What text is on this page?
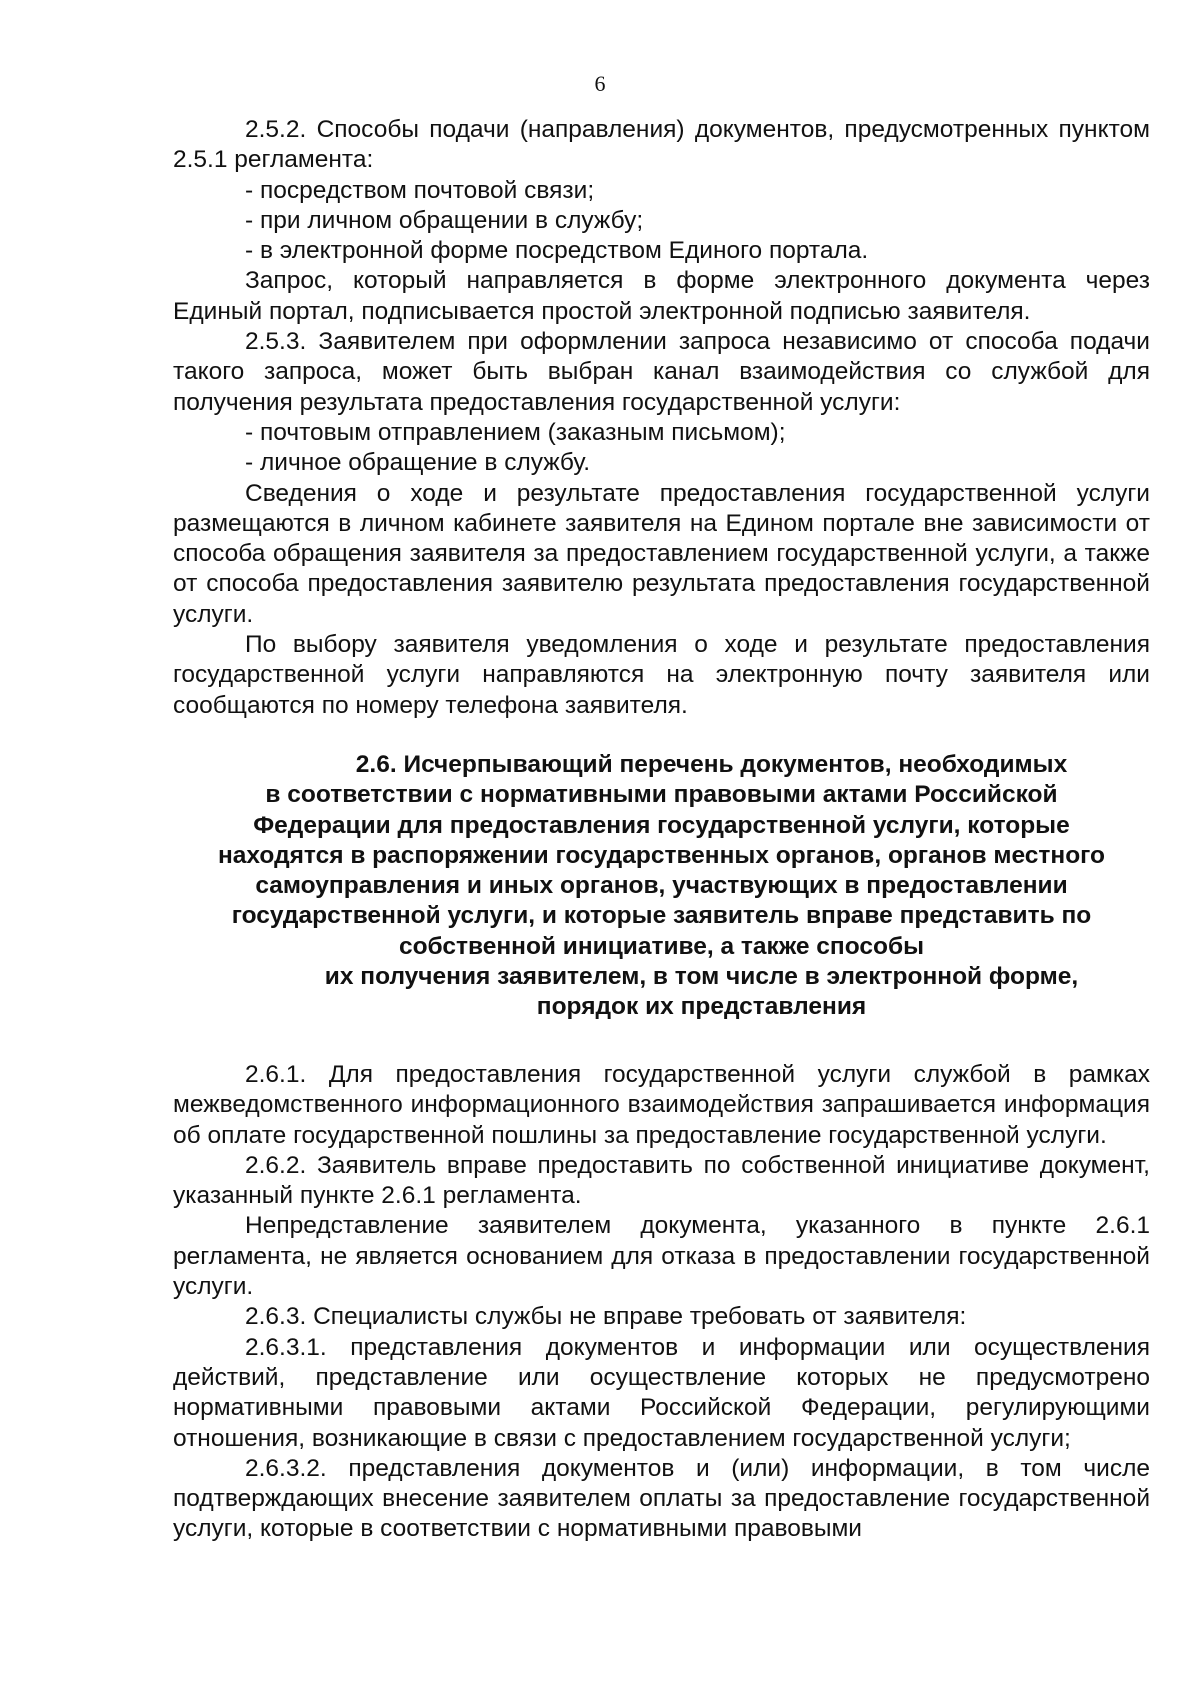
6

2.5.2. Способы подачи (направления) документов, предусмотренных пунктом 2.5.1 регламента:

- посредством почтовой связи;

- при личном обращении в службу;

- в электронной форме посредством Единого портала.

Запрос, который направляется в форме электронного документа через Единый портал, подписывается простой электронной подписью заявителя.

2.5.3. Заявителем при оформлении запроса независимо от способа подачи такого запроса, может быть выбран канал взаимодействия со службой для получения результата предоставления государственной услуги:

- почтовым отправлением (заказным письмом);

- личное обращение в службу.

Сведения о ходе и результате предоставления государственной услуги размещаются в личном кабинете заявителя на Едином портале вне зависимости от способа обращения заявителя за предоставлением государственной услуги, а также от способа предоставления заявителю результата предоставления государственной услуги.

По выбору заявителя уведомления о ходе и результате предоставления государственной услуги направляются на электронную почту заявителя или сообщаются по номеру телефона заявителя.

2.6. Исчерпывающий перечень документов, необходимых
в соответствии с нормативными правовыми актами Российской
Федерации для предоставления государственной услуги, которые
находятся в распоряжении государственных органов, органов местного
самоуправления и иных органов, участвующих в предоставлении
государственной услуги, и которые заявитель вправе представить по
собственной инициативе, а также способы
их получения заявителем, в том числе в электронной форме,
порядок их представления

2.6.1. Для предоставления государственной услуги службой в рамках межведомственного информационного взаимодействия запрашивается информация об оплате государственной пошлины за предоставление государственной услуги.

2.6.2. Заявитель вправе предоставить по собственной инициативе документ, указанный пункте 2.6.1 регламента.

Непредставление заявителем документа, указанного в пункте 2.6.1 регламента, не является основанием для отказа в предоставлении государственной услуги.

2.6.3. Специалисты службы не вправе требовать от заявителя:

2.6.3.1. представления документов и информации или осуществления действий, представление или осуществление которых не предусмотрено нормативными правовыми актами Российской Федерации, регулирующими отношения, возникающие в связи с предоставлением государственной услуги;

2.6.3.2. представления документов и (или) информации, в том числе подтверждающих внесение заявителем оплаты за предоставление государственной услуги, которые в соответствии с нормативными правовыми
